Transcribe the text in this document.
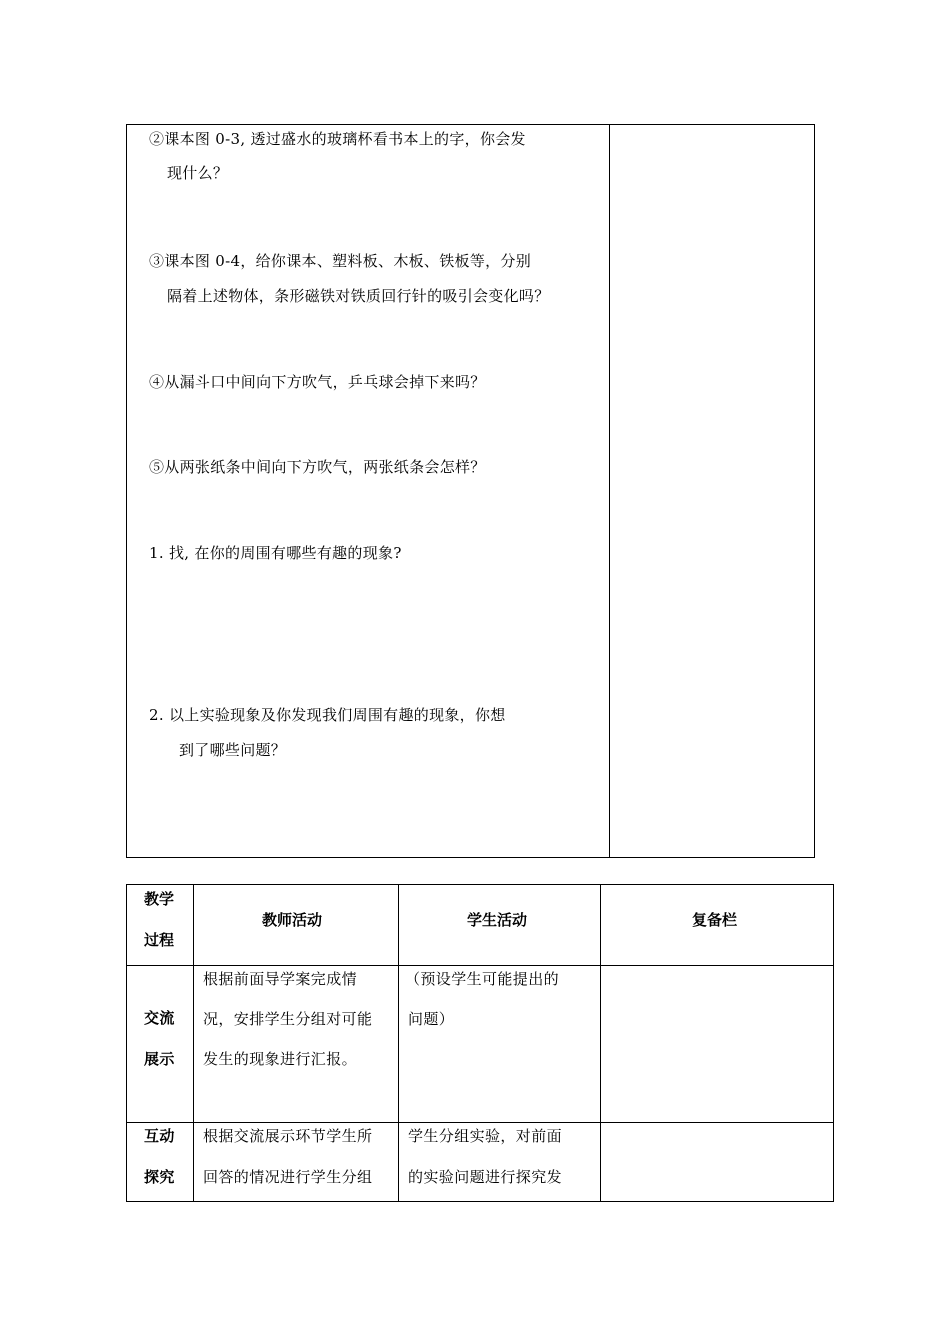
②课本图 0-3, 透过盛水的玻璃杯看书本上的字，你会发
现什么？
③课本图 0-4，给你课本、塑料板、木板、铁板等，分别
隔着上述物体，条形磁铁对铁质回行针的吸引会变化吗？
④从漏斗口中间向下方吹气，乒乓球会掉下来吗？
⑤从两张纸条中间向下方吹气，两张纸条会怎样？
1. 找, 在你的周围有哪些有趣的现象?
2. 以上实验现象及你发现我们周围有趣的现象，你想
到了哪些问题？
教学
过程
教师活动	学生活动	复备栏
交流
展示
根据前面导学案完成情
况，安排学生分组对可能
发生的现象进行汇报。
（预设学生可能提出的
问题）
互动
探究
根据交流展示环节学生所
回答的情况进行学生分组
学生分组实验，对前面
的实验问题进行探究发
